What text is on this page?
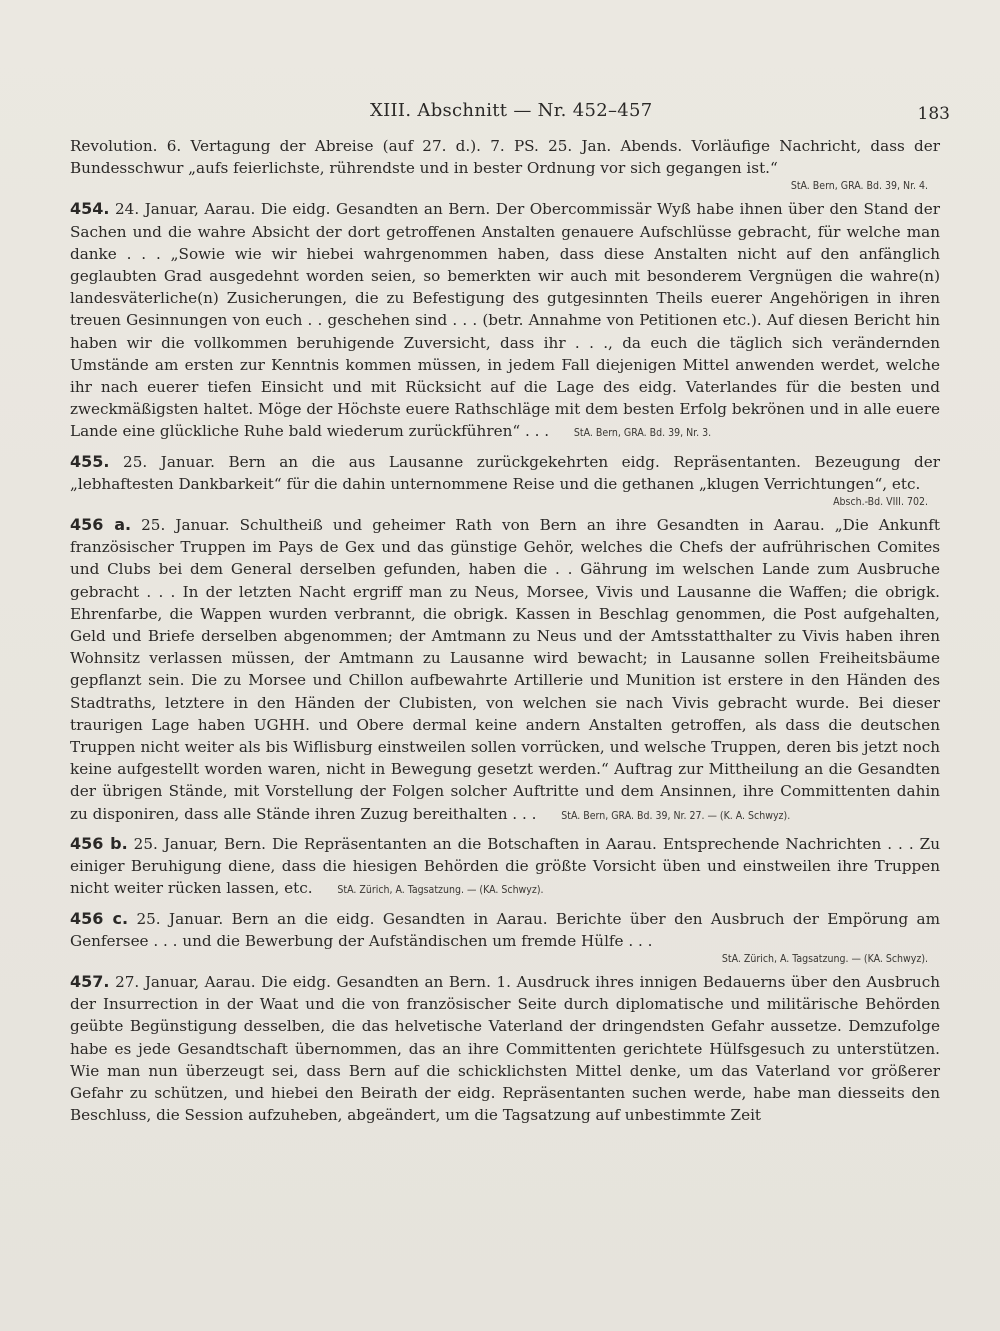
XIII. Abschnitt — Nr. 452–457	183

Revolution. 6. Vertagung der Abreise (auf 27. d.). 7. PS. 25. Jan. Abends. Vorläufige Nachricht, dass der Bundesschwur „aufs feierlichste, rührendste und in bester Ordnung vor sich gegangen ist.“

StA. Bern, GRA. Bd. 39, Nr. 4.

454. 24. Januar, Aarau. Die eidg. Gesandten an Bern. Der Obercommissär Wyß habe ihnen über den Stand der Sachen und die wahre Absicht der dort getroffenen Anstalten genauere Aufschlüsse gebracht, für welche man danke . . . „Sowie wie wir hiebei wahrgenommen haben, dass diese Anstalten nicht auf den anfänglich geglaubten Grad ausgedehnt worden seien, so bemerkten wir auch mit besonderem Vergnügen die wahre(n) landesväterliche(n) Zusicherungen, die zu Befestigung des gutgesinnten Theils euerer Angehörigen in ihren treuen Gesinnungen von euch . . geschehen sind . . . (betr. Annahme von Petitionen etc.). Auf diesen Bericht hin haben wir die vollkommen beruhigende Zuversicht, dass ihr . . ., da euch die täglich sich verändernden Umstände am ersten zur Kenntnis kommen müssen, in jedem Fall diejenigen Mittel anwenden werdet, welche ihr nach euerer tiefen Einsicht und mit Rücksicht auf die Lage des eidg. Vaterlandes für die besten und zweckmäßigsten haltet. Möge der Höchste euere Rathschläge mit dem besten Erfolg bekrönen und in alle euere Lande eine glückliche Ruhe bald wiederum zurückführen“ . . . StA. Bern, GRA. Bd. 39, Nr. 3.

455. 25. Januar. Bern an die aus Lausanne zurückgekehrten eidg. Repräsentanten. Bezeugung der „lebhaftesten Dankbarkeit“ für die dahin unternommene Reise und die gethanen „klugen Verrichtungen“, etc.

Absch.-Bd. VIII. 702.

456 a. 25. Januar. Schultheiß und geheimer Rath von Bern an ihre Gesandten in Aarau. „Die Ankunft französischer Truppen im Pays de Gex und das günstige Gehör, welches die Chefs der aufrührischen Comites und Clubs bei dem General derselben gefunden, haben die . . Gährung im welschen Lande zum Ausbruche gebracht . . . In der letzten Nacht ergriff man zu Neus, Morsee, Vivis und Lausanne die Waffen; die obrigk. Ehrenfarbe, die Wappen wurden verbrannt, die obrigk. Kassen in Beschlag genommen, die Post aufgehalten, Geld und Briefe derselben abgenommen; der Amtmann zu Neus und der Amtsstatthalter zu Vivis haben ihren Wohnsitz verlassen müssen, der Amtmann zu Lausanne wird bewacht; in Lausanne sollen Freiheitsbäume gepflanzt sein. Die zu Morsee und Chillon aufbewahrte Artillerie und Munition ist erstere in den Händen des Stadtraths, letztere in den Händen der Clubisten, von welchen sie nach Vivis gebracht wurde. Bei dieser traurigen Lage haben UGHH. und Obere dermal keine andern Anstalten getroffen, als dass die deutschen Truppen nicht weiter als bis Wiflisburg einstweilen sollen vorrücken, und welsche Truppen, deren bis jetzt noch keine aufgestellt worden waren, nicht in Bewegung gesetzt werden.“ Auftrag zur Mittheilung an die Gesandten der übrigen Stände, mit Vorstellung der Folgen solcher Auftritte und dem Ansinnen, ihre Committenten dahin zu disponiren, dass alle Stände ihren Zuzug bereithalten . . . StA. Bern, GRA. Bd. 39, Nr. 27. — (K. A. Schwyz).

456 b. 25. Januar, Bern. Die Repräsentanten an die Botschaften in Aarau. Entsprechende Nachrichten . . . Zu einiger Beruhigung diene, dass die hiesigen Behörden die größte Vorsicht üben und einstweilen ihre Truppen nicht weiter rücken lassen, etc. StA. Zürich, A. Tagsatzung. — (KA. Schwyz).

456 c. 25. Januar. Bern an die eidg. Gesandten in Aarau. Berichte über den Ausbruch der Empörung am Genfersee . . . und die Bewerbung der Aufständischen um fremde Hülfe . . .

StA. Zürich, A. Tagsatzung. — (KA. Schwyz).

457. 27. Januar, Aarau. Die eidg. Gesandten an Bern. 1. Ausdruck ihres innigen Bedauerns über den Ausbruch der Insurrection in der Waat und die von französischer Seite durch diplomatische und militärische Behörden geübte Begünstigung desselben, die das helvetische Vaterland der dringendsten Gefahr aussetze. Demzufolge habe es jede Gesandtschaft übernommen, das an ihre Committenten gerichtete Hülfsgesuch zu unterstützen. Wie man nun überzeugt sei, dass Bern auf die schicklichsten Mittel denke, um das Vaterland vor größerer Gefahr zu schützen, und hiebei den Beirath der eidg. Repräsentanten suchen werde, habe man diesseits den Beschluss, die Session aufzuheben, abgeändert, um die Tagsatzung auf unbestimmte Zeit
